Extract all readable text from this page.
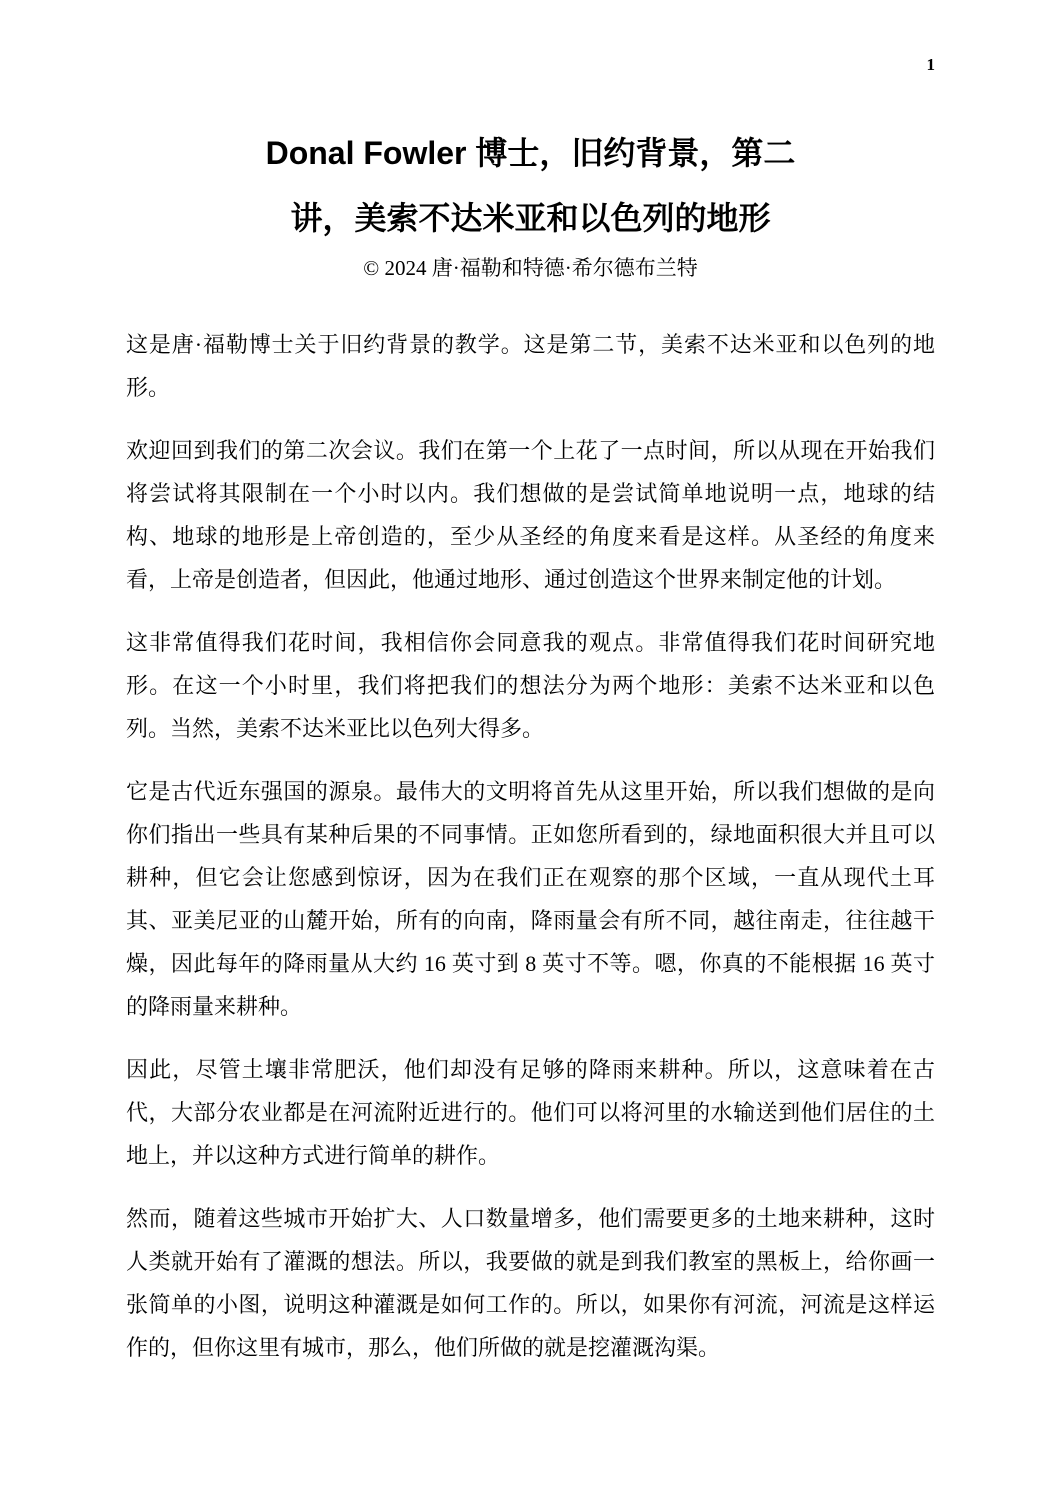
1
Donal Fowler 博士，旧约背景，第二
讲，美索不达米亚和以色列的地形
© 2024 唐·福勒和特德·希尔德布兰特

这是唐·福勒博士关于旧约背景的教学。这是第二节，美索不达米亚和以色列的地形。

欢迎回到我们的第二次会议。我们在第一个上花了一点时间，所以从现在开始我们将尝试将其限制在一个小时以内。我们想做的是尝试简单地说明一点，地球的结构、地球的地形是上帝创造的，至少从圣经的角度来看是这样。从圣经的角度来看，上帝是创造者，但因此，他通过地形、通过创造这个世界来制定他的计划。

这非常值得我们花时间，我相信你会同意我的观点。非常值得我们花时间研究地形。在这一个小时里，我们将把我们的想法分为两个地形：美索不达米亚和以色列。当然，美索不达米亚比以色列大得多。

它是古代近东强国的源泉。最伟大的文明将首先从这里开始，所以我们想做的是向你们指出一些具有某种后果的不同事情。正如您所看到的，绿地面积很大并且可以耕种，但它会让您感到惊讶，因为在我们正在观察的那个区域，一直从现代土耳其、亚美尼亚的山麓开始，所有的向南，降雨量会有所不同，越往南走，往往越干燥，因此每年的降雨量从大约 16 英寸到 8 英寸不等。嗯，你真的不能根据 16 英寸的降雨量来耕种。

因此，尽管土壤非常肥沃，他们却没有足够的降雨来耕种。所以，这意味着在古代，大部分农业都是在河流附近进行的。他们可以将河里的水输送到他们居住的土地上，并以这种方式进行简单的耕作。

然而，随着这些城市开始扩大、人口数量增多，他们需要更多的土地来耕种，这时人类就开始有了灌溉的想法。所以，我要做的就是到我们教室的黑板上，给你画一张简单的小图，说明这种灌溉是如何工作的。所以，如果你有河流，河流是这样运作的，但你这里有城市，那么，他们所做的就是挖灌溉沟渠。
